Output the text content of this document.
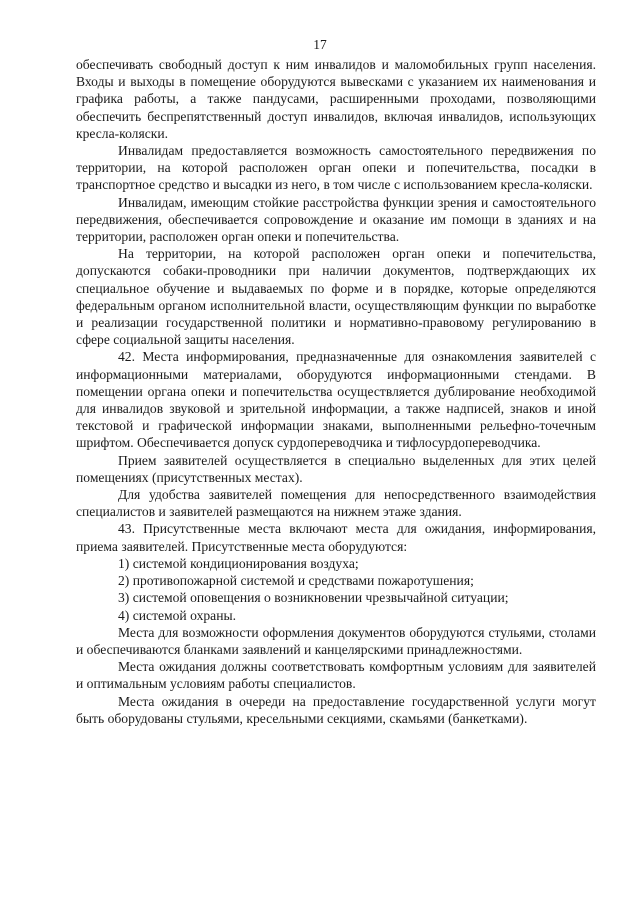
17

обеспечивать свободный доступ к ним инвалидов и маломобильных групп населения. Входы и выходы в помещение оборудуются вывесками с указанием их наименования и графика работы, а также пандусами, расширенными проходами, позволяющими обеспечить беспрепятственный доступ инвалидов, включая инвалидов, использующих кресла-коляски.

Инвалидам предоставляется возможность самостоятельного передвижения по территории, на которой расположен орган опеки и попечительства, посадки в транспортное средство и высадки из него, в том числе с использованием кресла-коляски.

Инвалидам, имеющим стойкие расстройства функции зрения и самостоятельного передвижения, обеспечивается сопровождение и оказание им помощи в зданиях и на территории, расположен орган опеки и попечительства.

На территории, на которой расположен орган опеки и попечительства, допускаются собаки-проводники при наличии документов, подтверждающих их специальное обучение и выдаваемых по форме и в порядке, которые определяются федеральным органом исполнительной власти, осуществляющим функции по выработке и реализации государственной политики и нормативно-правовому регулированию в сфере социальной защиты населения.

42. Места информирования, предназначенные для ознакомления заявителей с информационными материалами, оборудуются информационными стендами. В помещении органа опеки и попечительства осуществляется дублирование необходимой для инвалидов звуковой и зрительной информации, а также надписей, знаков и иной текстовой и графической информации знаками, выполненными рельефно-точечным шрифтом. Обеспечивается допуск сурдопереводчика и тифлосурдопереводчика.

Прием заявителей осуществляется в специально выделенных для этих целей помещениях (присутственных местах).

Для удобства заявителей помещения для непосредственного взаимодействия специалистов и заявителей размещаются на нижнем этаже здания.

43. Присутственные места включают места для ожидания, информирования, приема заявителей. Присутственные места оборудуются:

1) системой кондиционирования воздуха;

2) противопожарной системой и средствами пожаротушения;

3) системой оповещения о возникновении чрезвычайной ситуации;

4) системой охраны.

Места для возможности оформления документов оборудуются стульями, столами и обеспечиваются бланками заявлений и канцелярскими принадлежностями.

Места ожидания должны соответствовать комфортным условиям для заявителей и оптимальным условиям работы специалистов.

Места ожидания в очереди на предоставление государственной услуги могут быть оборудованы стульями, кресельными секциями, скамьями (банкетками).
